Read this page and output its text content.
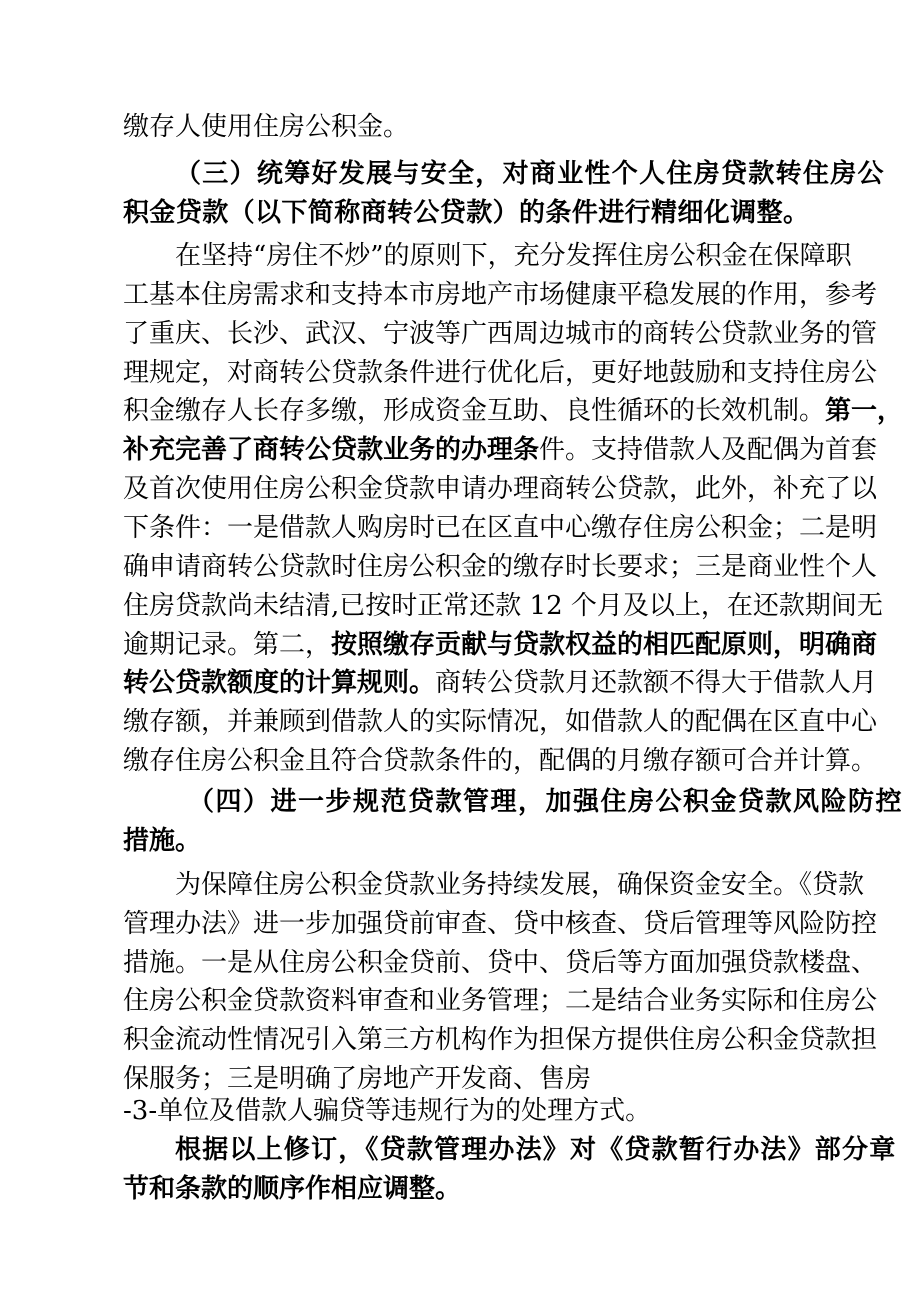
缴存人使用住房公积金。
（三）统筹好发展与安全，对商业性个人住房贷款转住房公
积金贷款（以下简称商转公贷款）的条件进行精细化调整。
在坚持“房住不炒”的原则下，充分发挥住房公积金在保障职
工基本住房需求和支持本市房地产市场健康平稳发展的作用，参考
了重庆、长沙、武汉、宁波等广西周边城市的商转公贷款业务的管
理规定，对商转公贷款条件进行优化后，更好地鼓励和支持住房公
积金缴存人长存多缴，形成资金互助、良性循环的长效机制。第一，
补充完善了商转公贷款业务的办理条件。支持借款人及配偶为首套
及首次使用住房公积金贷款申请办理商转公贷款，此外，补充了以
下条件：一是借款人购房时已在区直中心缴存住房公积金；二是明
确申请商转公贷款时住房公积金的缴存时长要求；三是商业性个人
住房贷款尚未结清,已按时正常还款 12 个月及以上，在还款期间无
逾期记录。第二，按照缴存贡献与贷款权益的相匹配原则，明确商
转公贷款额度的计算规则。商转公贷款月还款额不得大于借款人月
缴存额，并兼顾到借款人的实际情况，如借款人的配偶在区直中心
缴存住房公积金且符合贷款条件的，配偶的月缴存额可合并计算。
（四）进一步规范贷款管理，加强住房公积金贷款风险防控
措施。
为保障住房公积金贷款业务持续发展，确保资金安全。《贷款
管理办法》进一步加强贷前审查、贷中核查、贷后管理等风险防控
措施。一是从住房公积金贷前、贷中、贷后等方面加强贷款楼盘、
住房公积金贷款资料审查和业务管理；二是结合业务实际和住房公
积金流动性情况引入第三方机构作为担保方提供住房公积金贷款担
保服务；三是明确了房地产开发商、售房
-3-单位及借款人骗贷等违规行为的处理方式。
根据以上修订，《贷款管理办法》对《贷款暂行办法》部分章
节和条款的顺序作相应调整。
